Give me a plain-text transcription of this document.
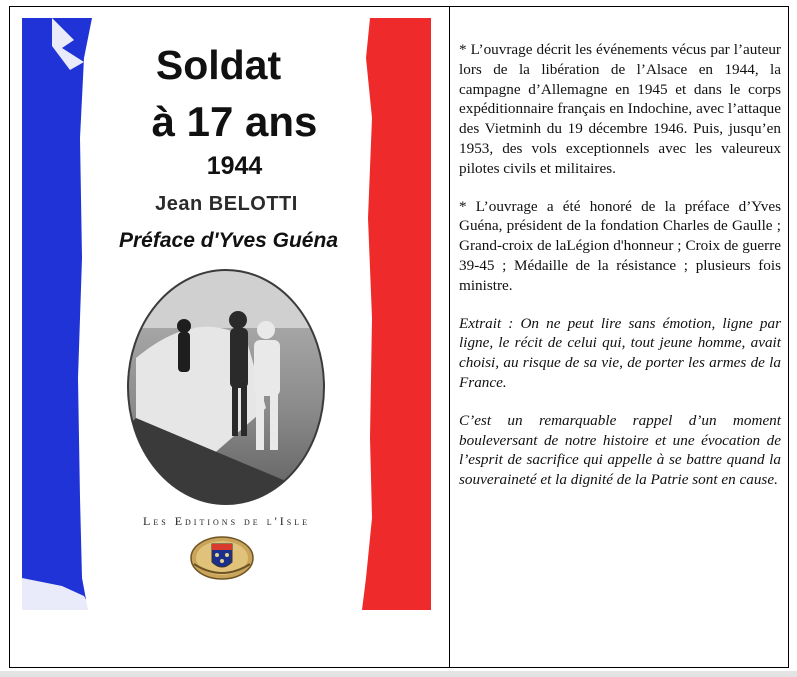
Soldat
à 17 ans
1944
Jean BELOTTI
Préface d'Yves Guéna
Les Editions de l'Isle

* L’ouvrage décrit les événements vécus par l’auteur lors de la libération de l’Alsace en 1944, la campagne d’Allemagne en 1945 et dans le corps expéditionnaire français en Indochine, avec l’attaque des Vietminh du 19 décembre 1946. Puis, jusqu’en 1953, des vols exceptionnels avec les valeureux pilotes civils et militaires.

* L’ouvrage a été honoré de la préface d’Yves Guéna, président de la fondation Charles de Gaulle ; Grand-croix de laLégion d'honneur ; Croix de guerre 39-45 ; Médaille de la résistance ; plusieurs fois ministre.

Extrait : On ne peut lire sans émotion, ligne par ligne, le récit de celui qui, tout jeune homme, avait choisi, au risque de sa vie, de porter les armes de la France.

C’est un remarquable rappel d’un moment bouleversant de notre histoire et une évocation de l’esprit de sacrifice qui appelle à se battre quand la souveraineté et la dignité de la Patrie sont en cause.
